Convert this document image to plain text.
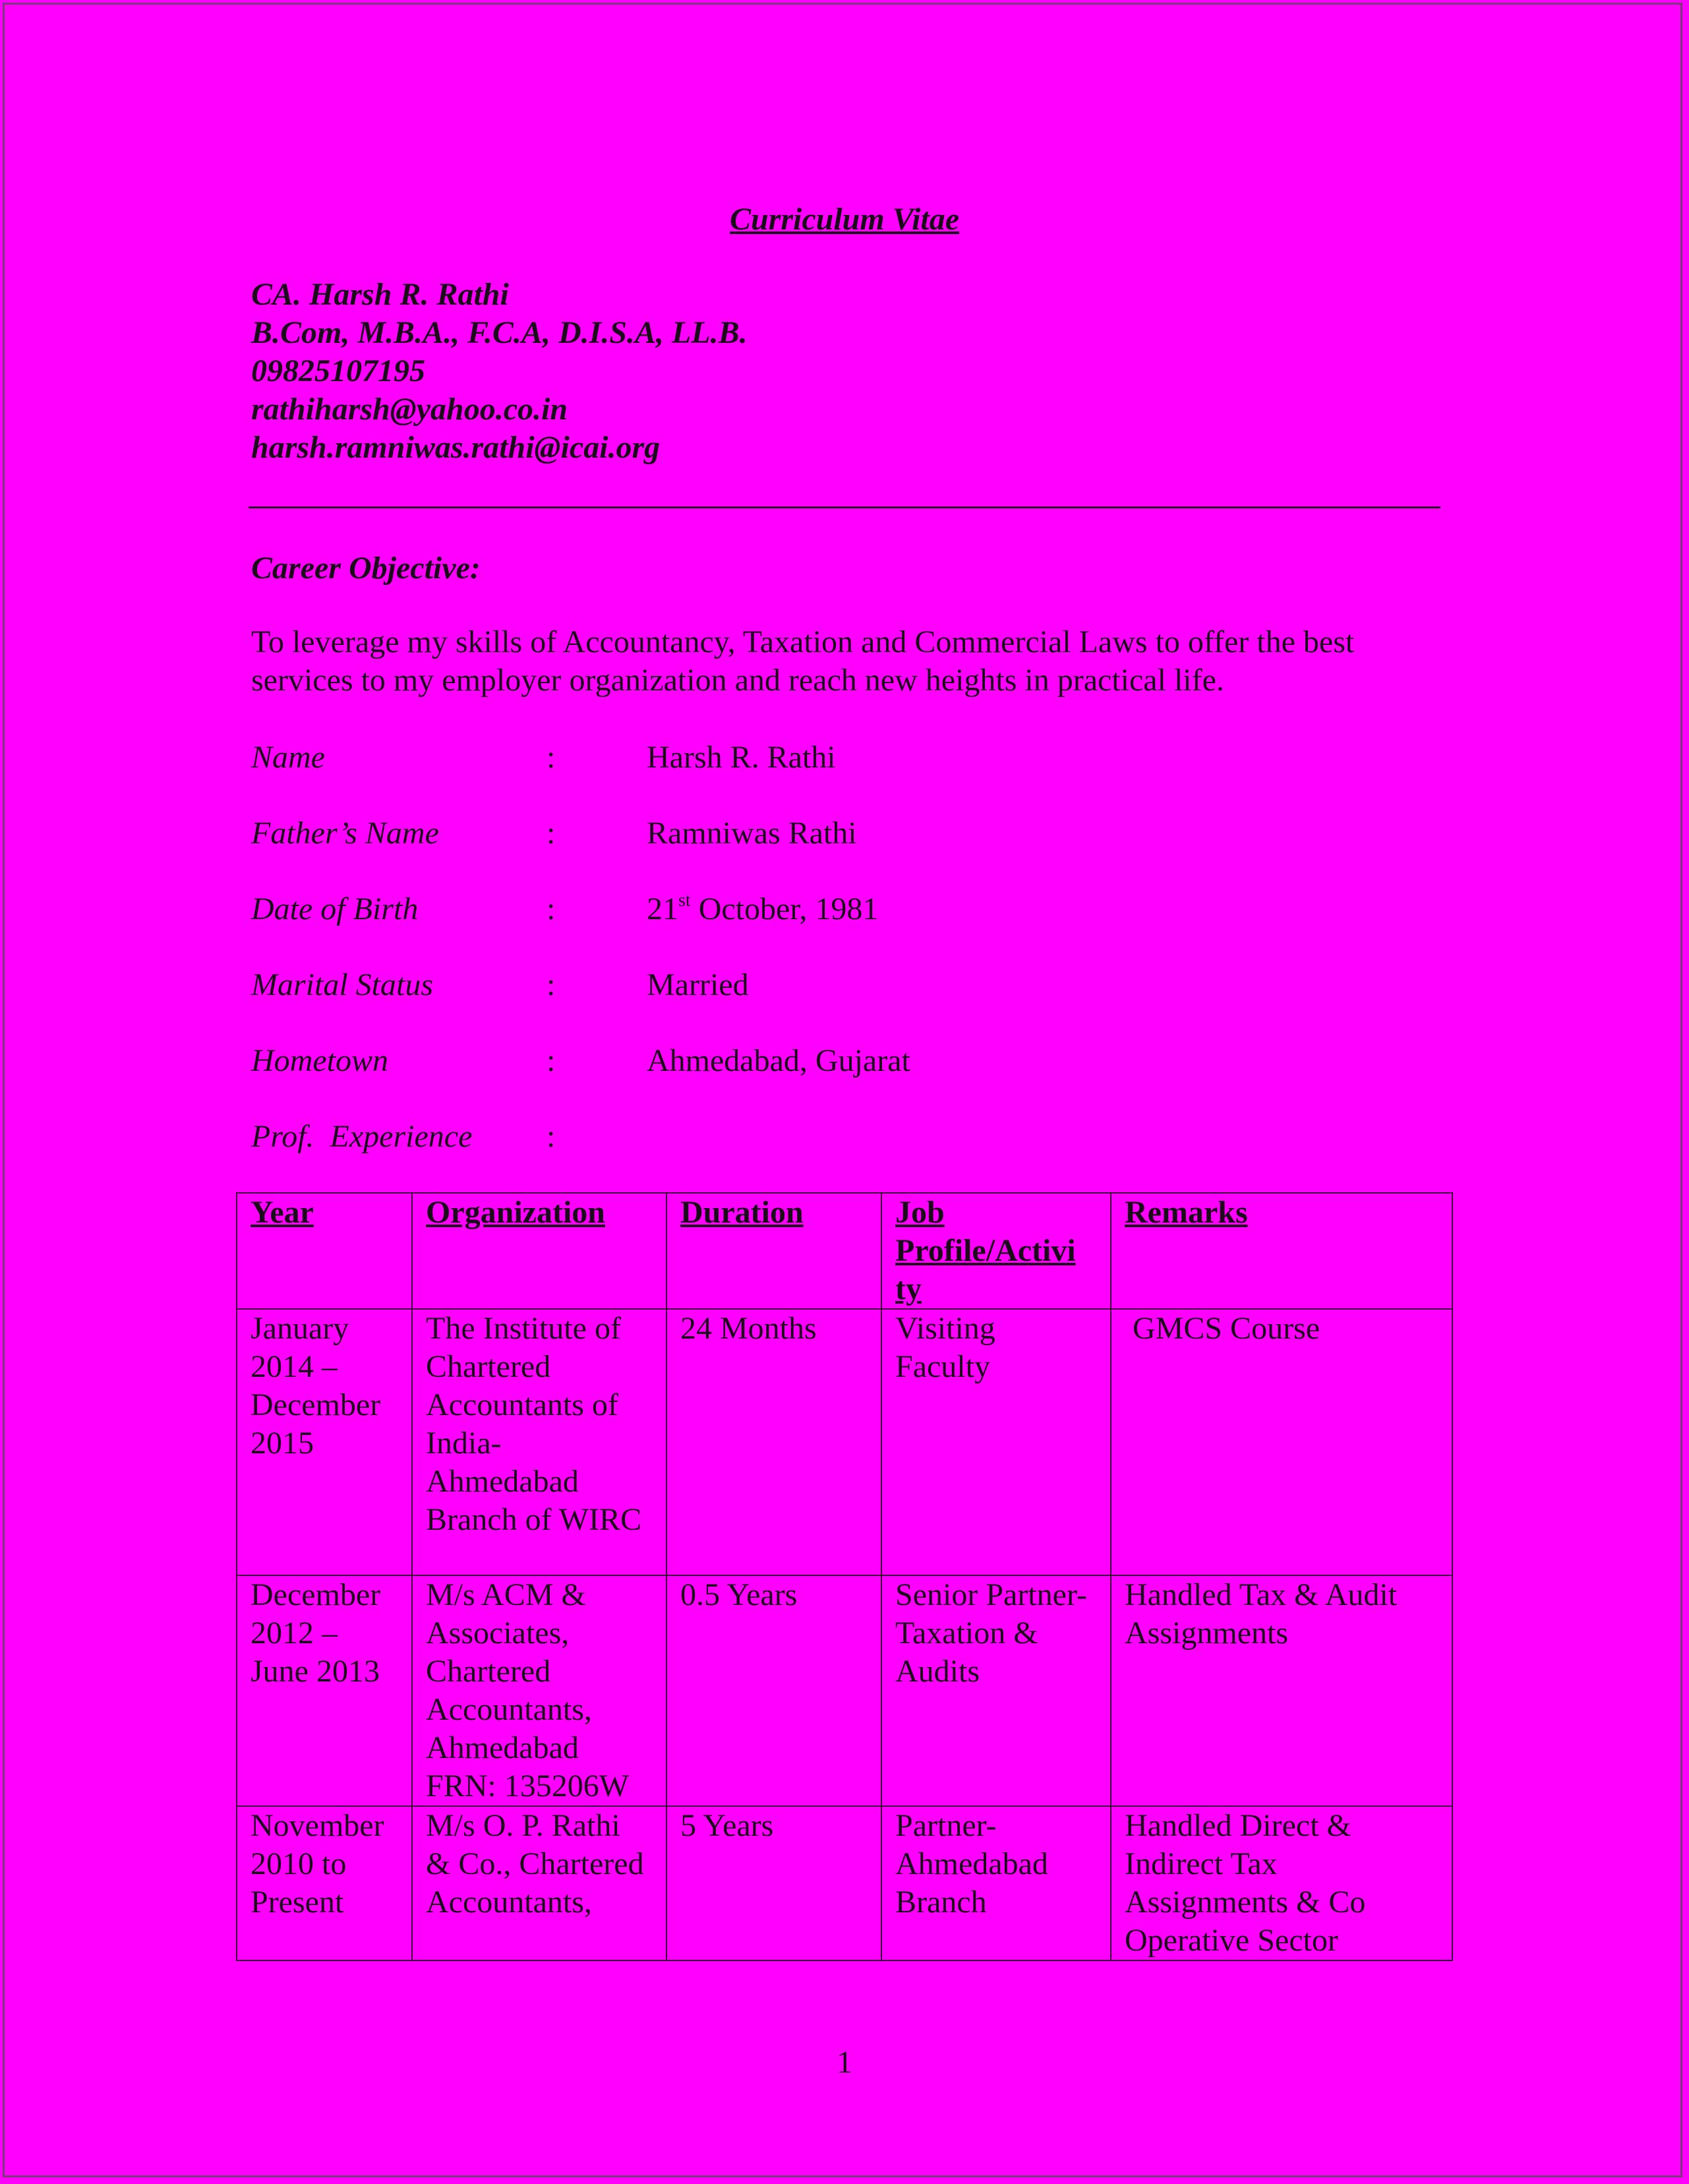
Curriculum Vitae
CA. Harsh R. Rathi
B.Com, M.B.A., F.C.A, D.I.S.A, LL.B.
09825107195
rathiharsh@yahoo.co.in
harsh.ramniwas.rathi@icai.org
Career Objective:
To leverage my skills of Accountancy, Taxation and Commercial Laws to offer the best
services to my employer organization and reach new heights in practical life.
Name	:	Harsh R. Rathi
Father’s Name	:	Ramniwas Rathi
Date of Birth	:	21st October, 1981
Marital Status	:	Married
Hometown	:	Ahmedabad, Gujarat
Prof.  Experience :
Year	Organization	Duration	Job Profile/Activi ty	Remarks
January 2014 – December 2015	The Institute of Chartered Accountants of India- Ahmedabad Branch of WIRC	24 Months	Visiting Faculty	GMCS Course
December 2012 – June 2013	M/s ACM & Associates, Chartered Accountants, Ahmedabad FRN: 135206W	0.5 Years	Senior Partner- Taxation & Audits	Handled Tax & Audit Assignments
November 2010 to Present	M/s O. P. Rathi & Co., Chartered Accountants,	5 Years	Partner- Ahmedabad Branch	Handled Direct & Indirect Tax Assignments & Co Operative Sector
1
